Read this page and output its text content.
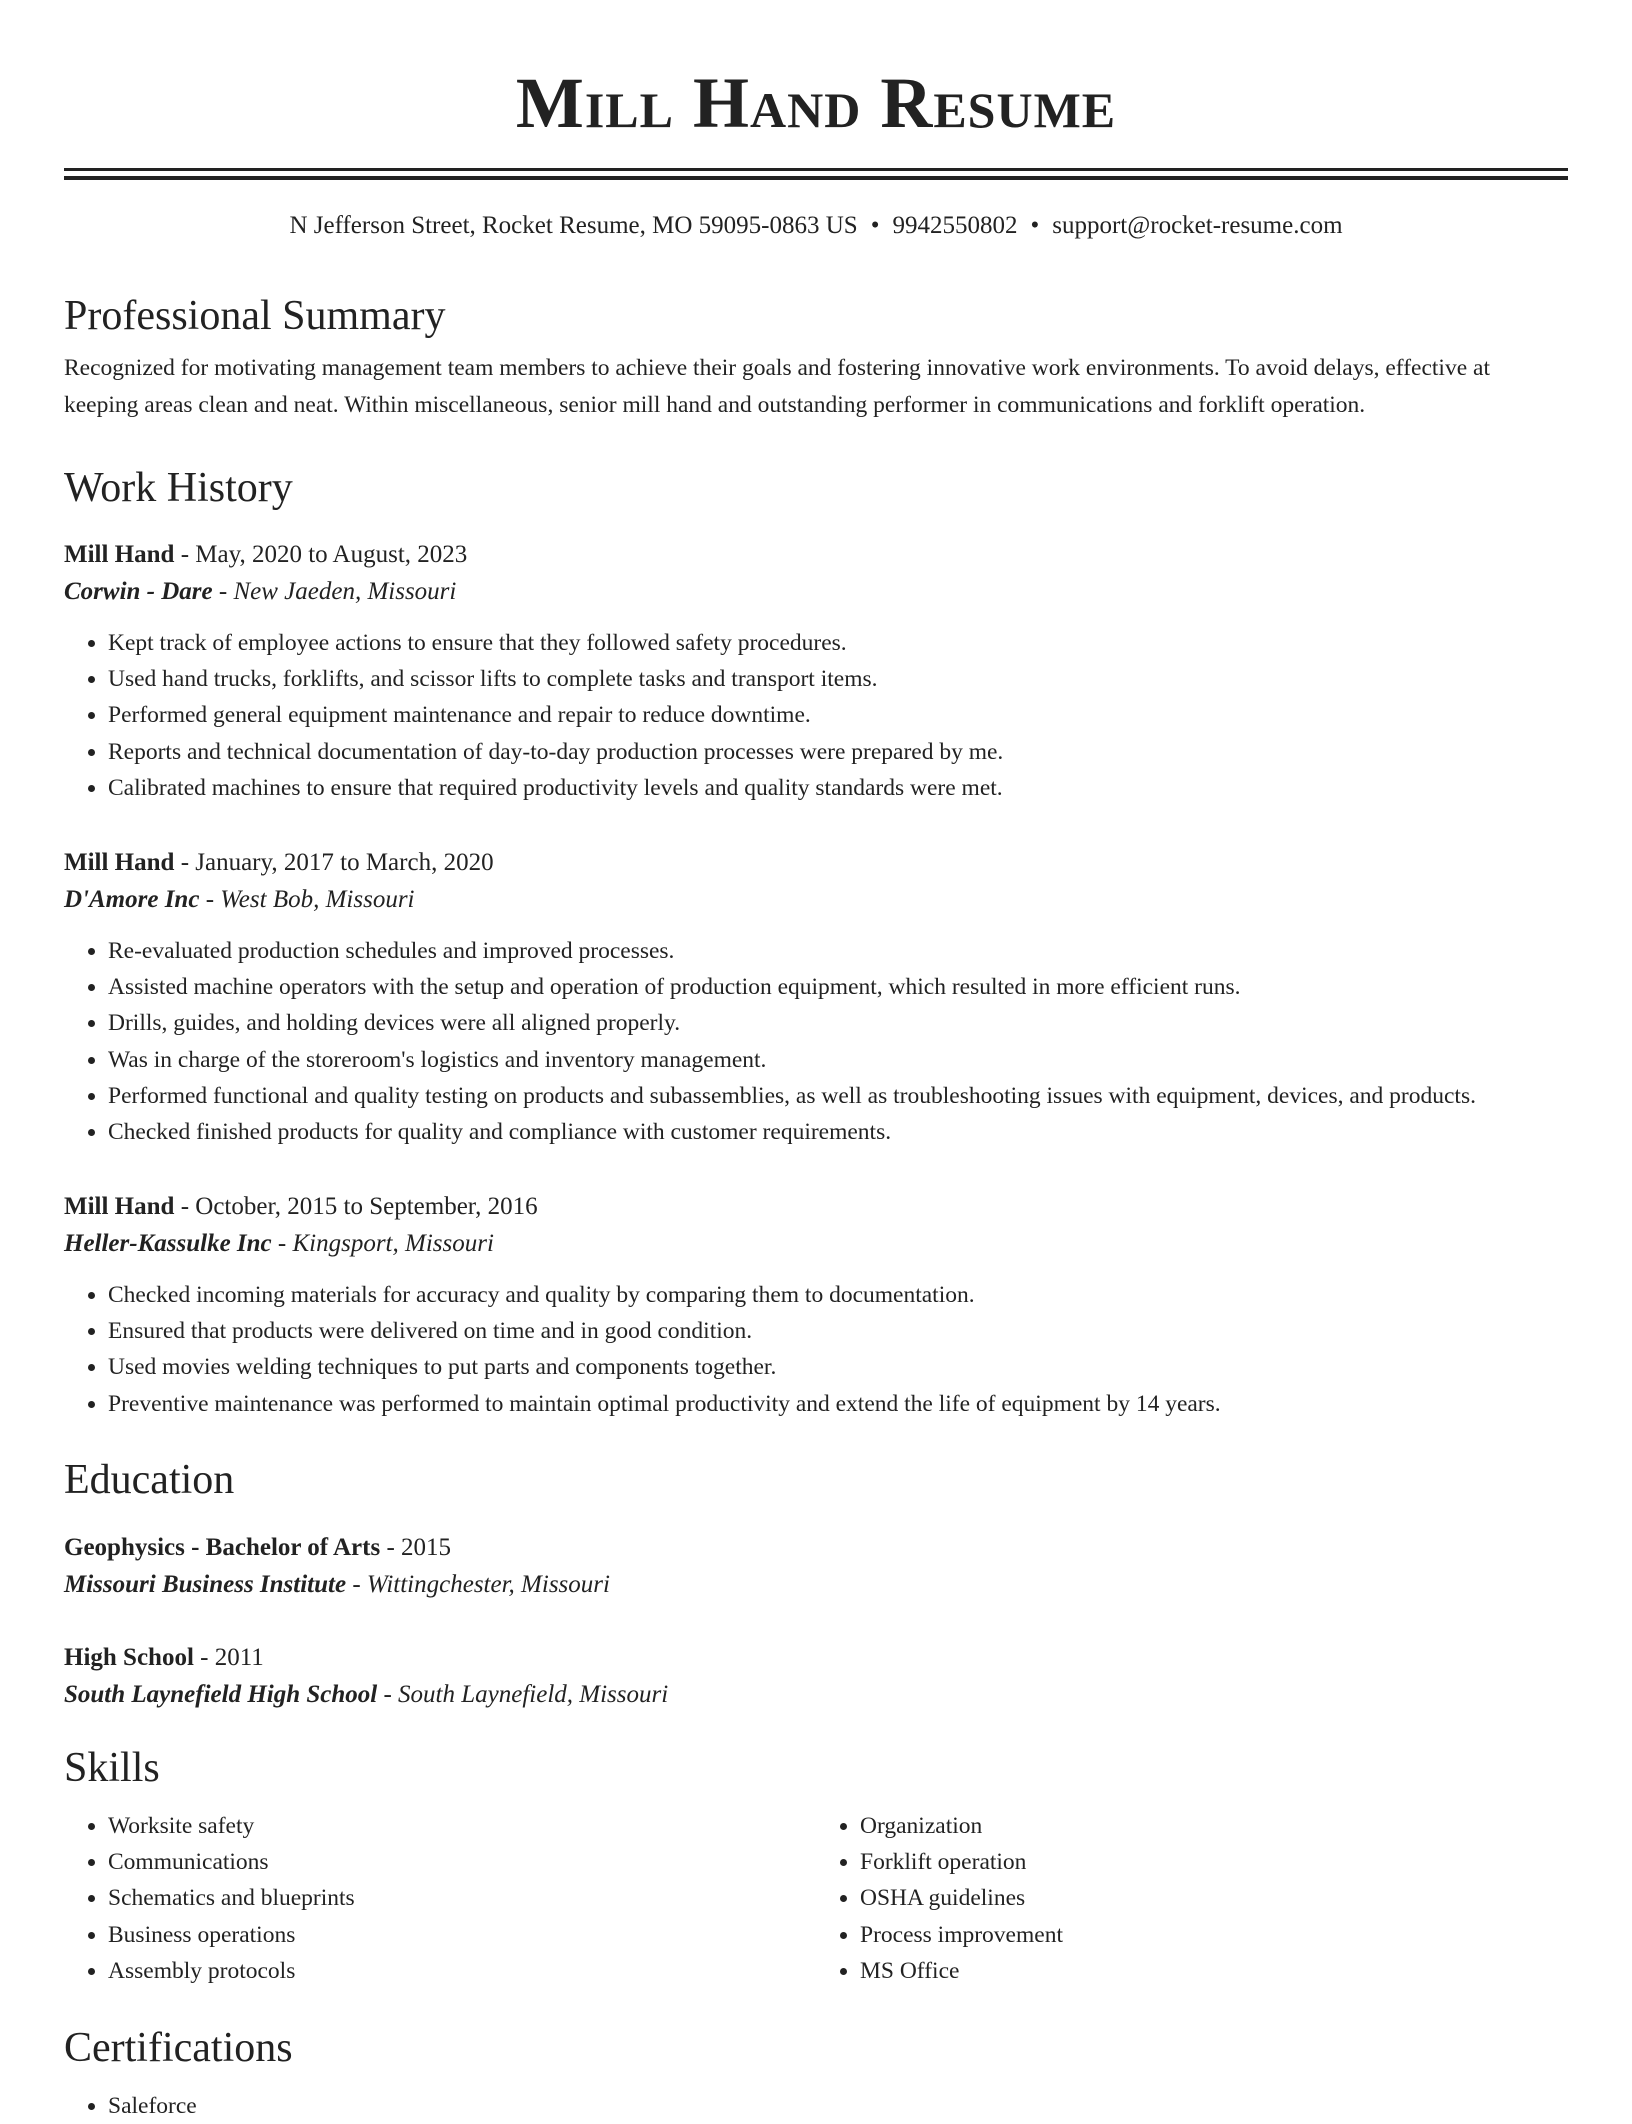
Mill Hand Resume
N Jefferson Street, Rocket Resume, MO 59095-0863 US • 9942550802 • support@rocket-resume.com
Professional Summary

Recognized for motivating management team members to achieve their goals and fostering innovative work environments. To avoid delays, effective at keeping areas clean and neat. Within miscellaneous, senior mill hand and outstanding performer in communications and forklift operation.

Work History

Mill Hand - May, 2020 to August, 2023

Corwin - Dare - New Jaeden, Missouri

• Kept track of employee actions to ensure that they followed safety procedures.
• Used hand trucks, forklifts, and scissor lifts to complete tasks and transport items.
• Performed general equipment maintenance and repair to reduce downtime.
• Reports and technical documentation of day-to-day production processes were prepared by me.
• Calibrated machines to ensure that required productivity levels and quality standards were met.

Mill Hand - January, 2017 to March, 2020

D'Amore Inc - West Bob, Missouri

• Re-evaluated production schedules and improved processes.
• Assisted machine operators with the setup and operation of production equipment, which resulted in more efficient runs.
• Drills, guides, and holding devices were all aligned properly.
• Was in charge of the storeroom's logistics and inventory management.
• Performed functional and quality testing on products and subassemblies, as well as troubleshooting issues with equipment, devices, and products.
• Checked finished products for quality and compliance with customer requirements.

Mill Hand - October, 2015 to September, 2016

Heller-Kassulke Inc - Kingsport, Missouri

• Checked incoming materials for accuracy and quality by comparing them to documentation.
• Ensured that products were delivered on time and in good condition.
• Used movies welding techniques to put parts and components together.
• Preventive maintenance was performed to maintain optimal productivity and extend the life of equipment by 14 years.
Education

Geophysics - Bachelor of Arts - 2015

Missouri Business Institute - Wittingchester, Missouri

High School - 2011

South Laynefield High School - South Laynefield, Missouri

Skills
• Worksite safety
• Communications
• Schematics and blueprints
• Business operations
• Assembly protocols
• Organization
• Forklift operation
• OSHA guidelines
• Process improvement
• MS Office
Certifications
• Saleforce
